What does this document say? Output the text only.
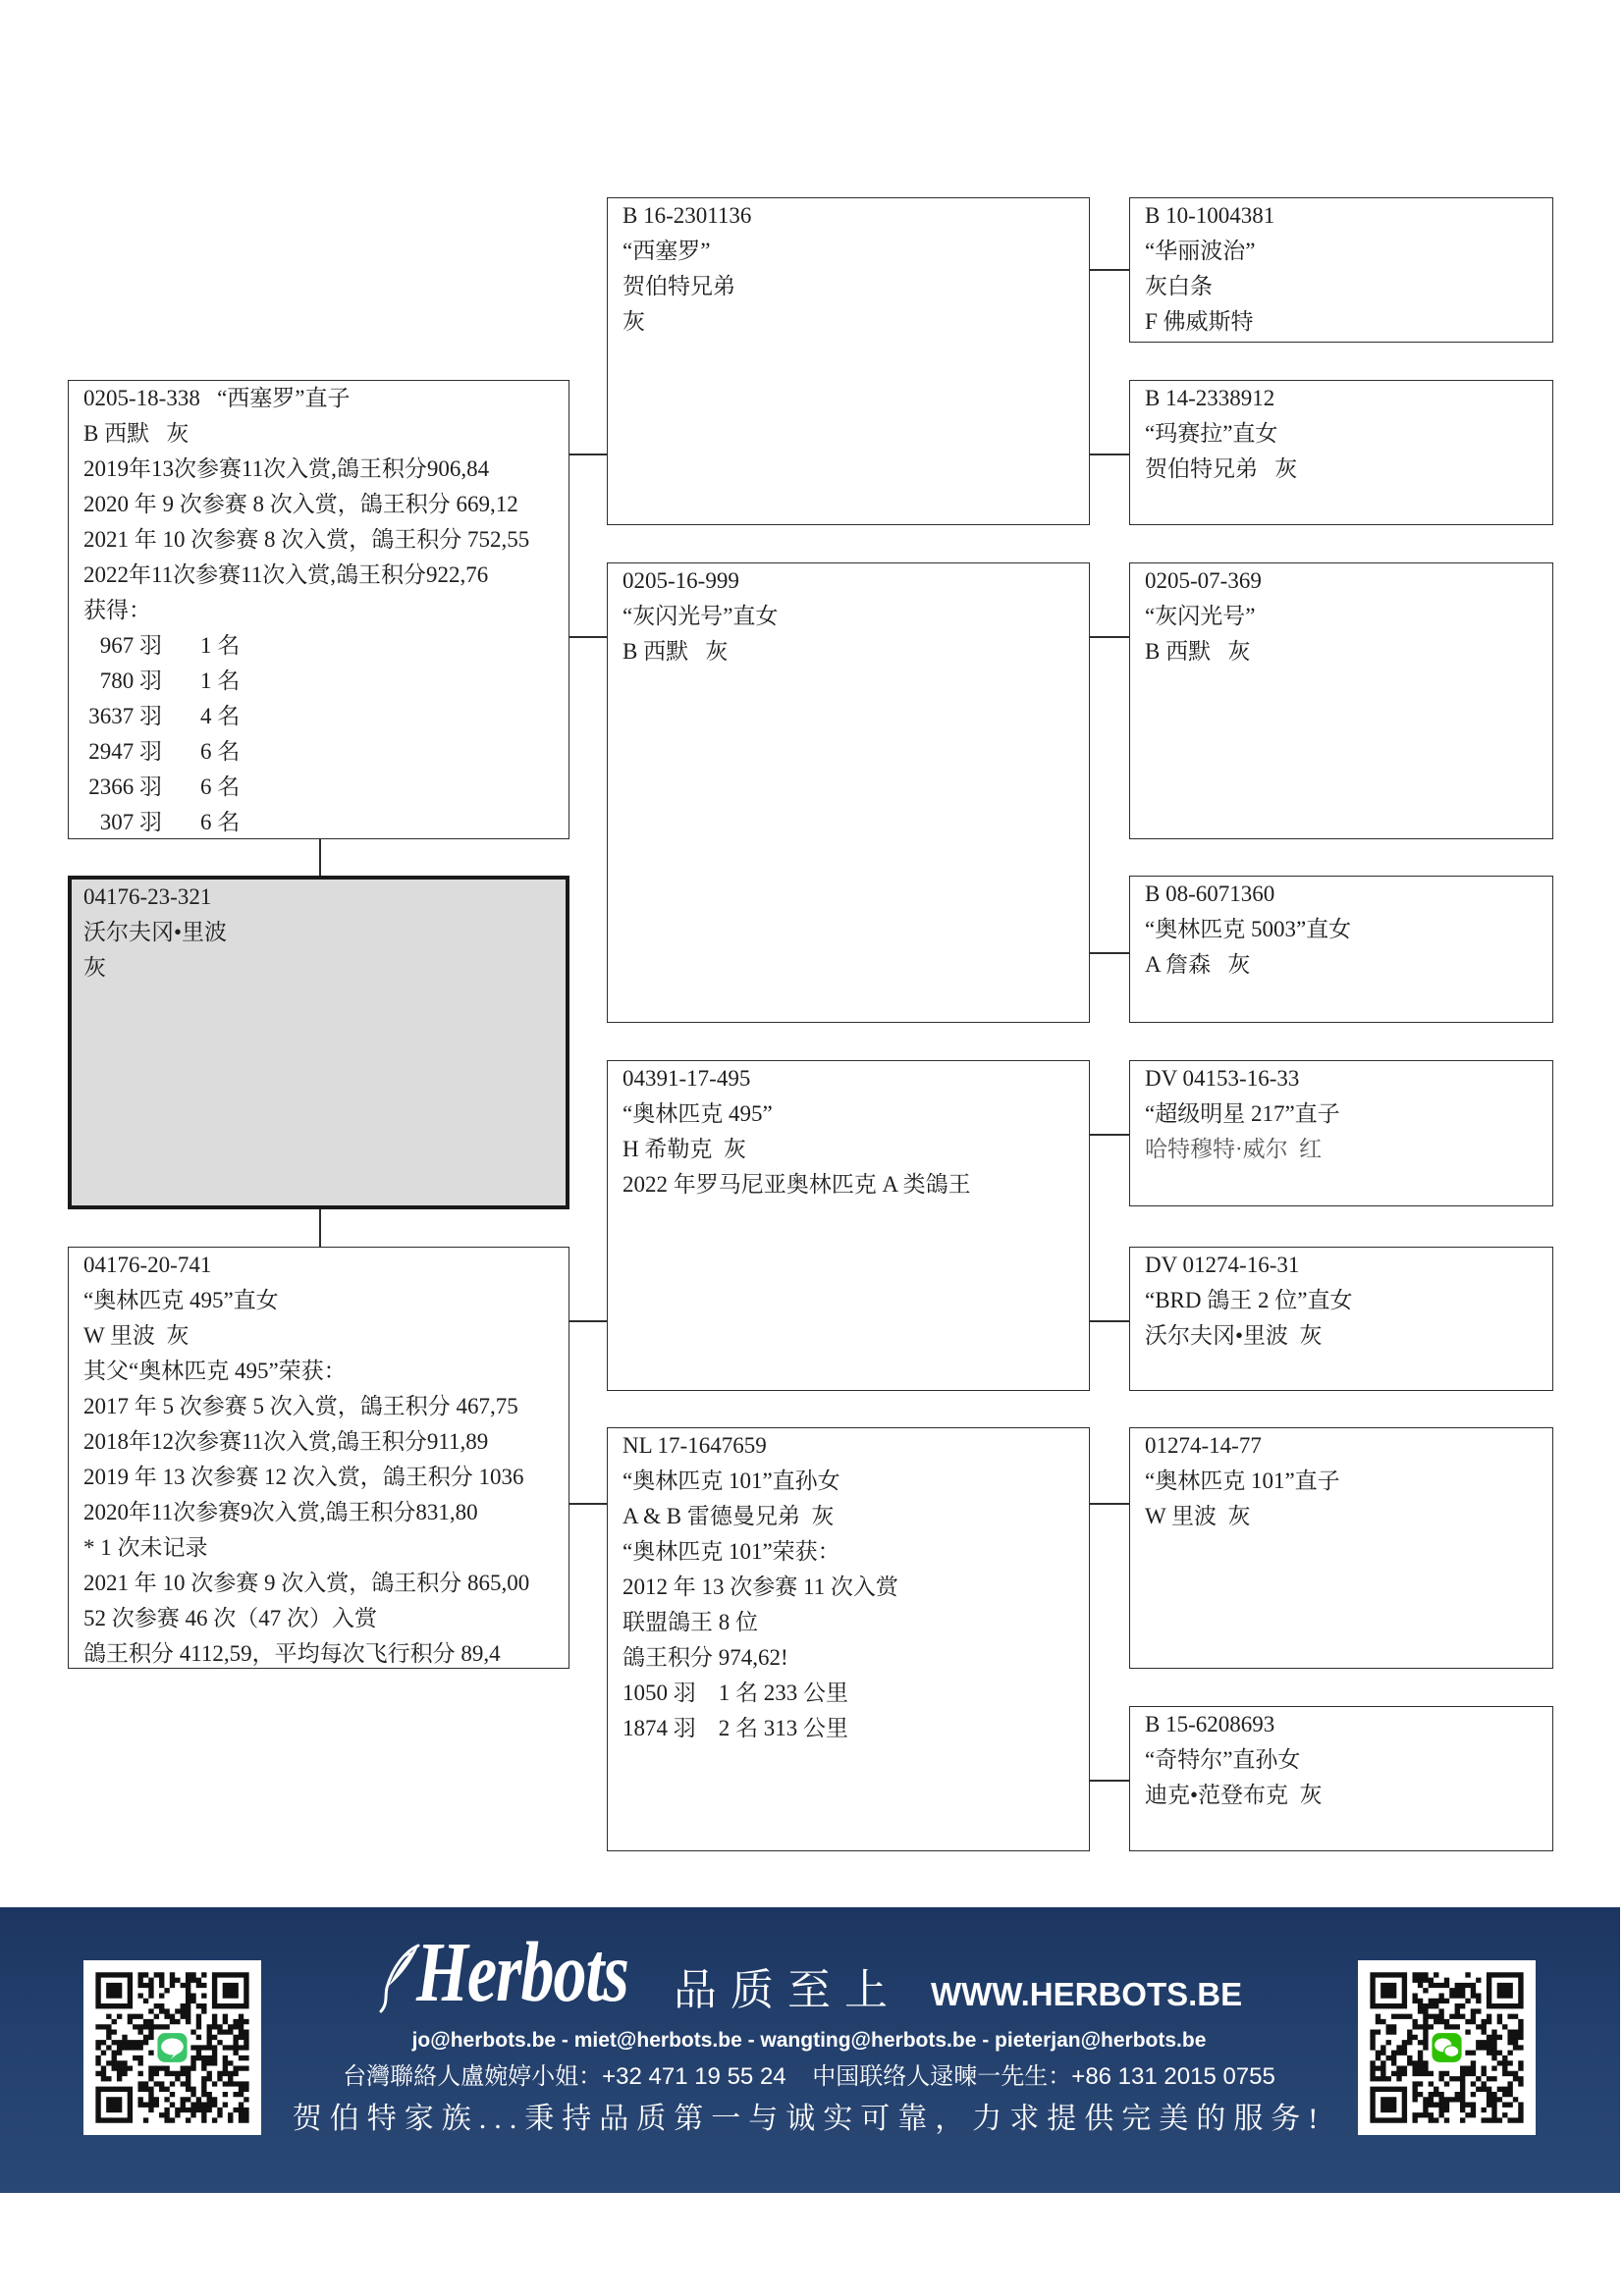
0205-18-338   “西塞罗”直子
B 西默   灰
2019年13次参赛11次入赏,鴿王积分906,84
2020 年 9 次参赛 8 次入赏，鴿王积分 669,12
2021 年 10 次参赛 8 次入赏，鴿王积分 752,55
2022年11次参赛11次入赏,鴿王积分922,76
获得：
967 羽 1 名
780 羽 1 名
3637 羽 4 名
2947 羽 6 名
2366 羽 6 名
307 羽 6 名
04176-23-321
沃尔夫冈•里波
灰
04176-20-741
“奥林匹克 495”直女
W 里波  灰
其父“奥林匹克 495”荣获：
2017 年 5 次参赛 5 次入赏，鴿王积分 467,75
2018年12次参赛11次入赏,鴿王积分911,89
2019 年 13 次参赛 12 次入赏，鴿王积分 1036
2020年11次参赛9次入赏,鴿王积分831,80
* 1 次未记录
2021 年 10 次参赛 9 次入赏，鴿王积分 865,00
52 次参赛 46 次（47 次）入赏
鴿王积分 4112,59，平均每次飞行积分 89,4
B 16-2301136
“西塞罗”
贺伯特兄弟
灰
0205-16-999
“灰闪光号”直女
B 西默   灰
04391-17-495
“奥林匹克 495”
H 希勒克  灰
2022 年罗马尼亚奥林匹克 A 类鴿王
NL 17-1647659
“奥林匹克 101”直孙女
A & B 雷德曼兄弟  灰
“奥林匹克 101”荣获：
2012 年 13 次参赛 11 次入赏
联盟鴿王 8 位
鴿王积分 974,62!
1050 羽    1 名 233 公里
1874 羽    2 名 313 公里
B 10-1004381
“华丽波治”
灰白条
F 佛威斯特
B 14-2338912
“玛赛拉”直女
贺伯特兄弟   灰
0205-07-369
“灰闪光号”
B 西默   灰
B 08-6071360
“奥林匹克 5003”直女
A 詹森   灰
DV 04153-16-33
“超级明星 217”直子
哈特穆特·威尔  红
DV 01274-16-31
“BRD 鴿王 2 位”直女
沃尔夫冈•里波  灰
01274-14-77
“奥林匹克 101”直子
W 里波  灰
B 15-6208693
“奇特尔”直孙女
迪克•范登布克  灰
Herbots 品质至上 WWW.HERBOTS.BE
jo@herbots.be - miet@herbots.be - wangting@herbots.be - pieterjan@herbots.be
台灣聯絡人盧婉婷小姐：+32 471 19 55 24    中国联络人逯暕一先生：+86 131 2015 0755
贺伯特家族...秉持品质第一与诚实可靠，力求提供完美的服务!
